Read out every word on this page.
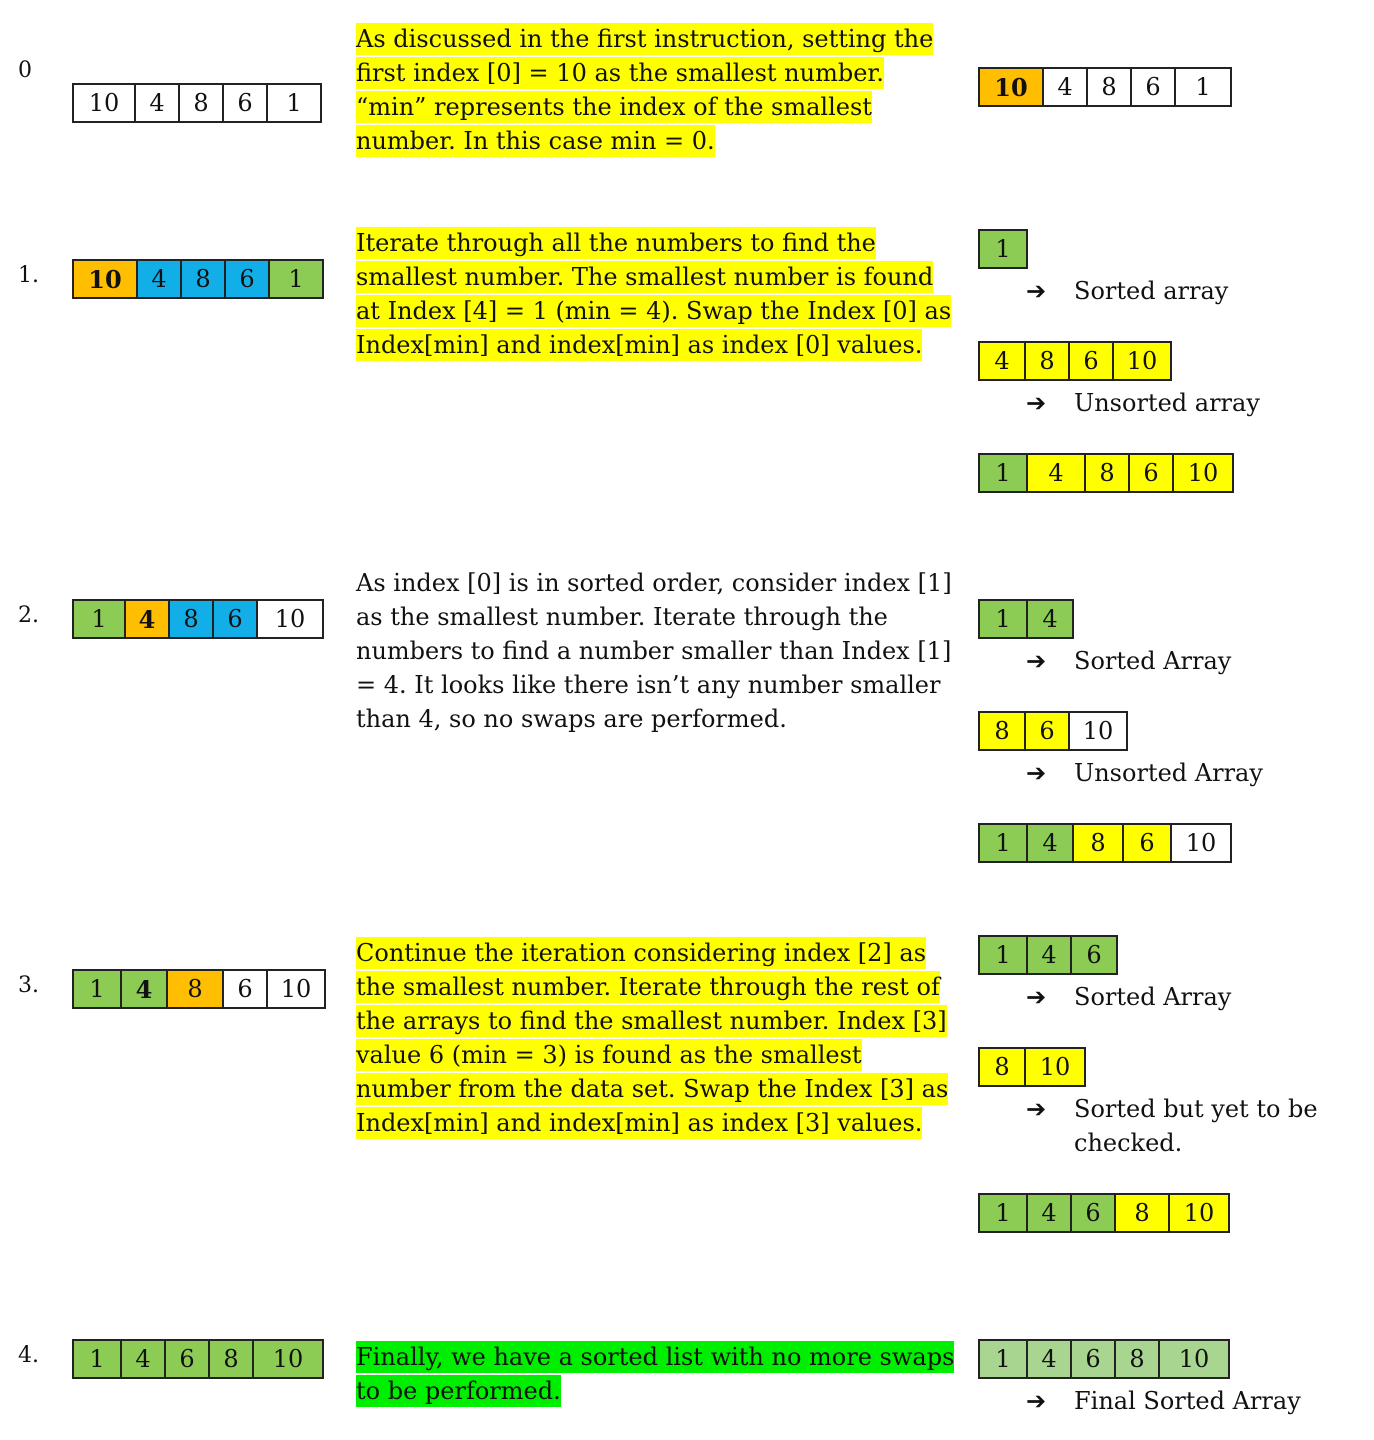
0
10	4	8	6	1

As discussed in the first instruction, setting the first index [0] = 10 as the smallest number. “min” represents the index of the smallest number. In this case min = 0.

10	4	8	6	1
1.	10	4	8	6	1

Iterate through all the numbers to find the smallest number. The smallest number is found at Index [4] = 1 (min = 4). Swap the Index [0] as Index[min] and index[min] as index [0] values.

1
➔	Sorted array
4	8	6	10
➔	Unsorted array
1	4	8	6	10
2.	1	4	8	6	10

As index [0] is in sorted order, consider index [1] as the smallest number. Iterate through the numbers to find a number smaller than Index [1] = 4. It looks like there isn’t any number smaller than 4, so no swaps are performed.

1	4
➔	Sorted Array
8	6	10
➔	Unsorted Array
1	4	8	6	10
3.	1	4	8	6	10

Continue the iteration considering index [2] as the smallest number. Iterate through the rest of the arrays to find the smallest number. Index [3] value 6 (min = 3) is found as the smallest number from the data set. Swap the Index [3] as Index[min] and index[min] as index [3] values.

1	4	6
➔	Sorted Array
8	10
➔	Sorted but yet to be checked.
1	4	6	8	10
4.	1	4	6	8	10	Finally, we have a sorted list with no more swaps to be performed.

1	4	6	8	10
➔	Final Sorted Array
